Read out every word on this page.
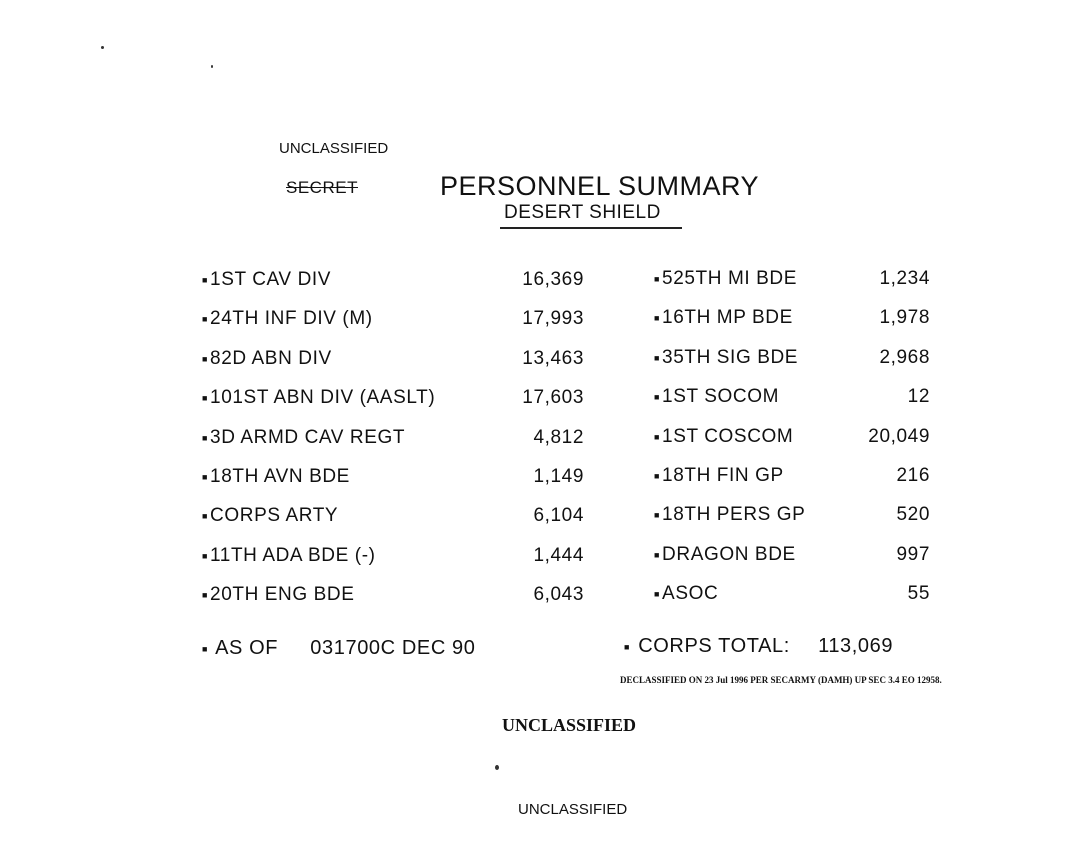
UNCLASSIFIED
SECRET	PERSONNEL SUMMARY
DESERT SHIELD
■ 1ST CAV DIV	16,369
■ 24TH INF DIV (M)	17,993
■ 82D ABN DIV	13,463
■ 101ST ABN DIV (AASLT)	17,603
■ 3D ARMD CAV REGT	4,812
■ 18TH AVN BDE	1,149
■ CORPS ARTY	6,104
■ 11TH ADA BDE (-)	1,444
■ 20TH ENG BDE	6,043
■ 525TH MI BDE	1,234
■ 16TH MP BDE	1,978
■ 35TH SIG BDE	2,968
■ 1ST SOCOM	12
■ 1ST COSCOM	20,049
■ 18TH FIN GP	216
■ 18TH PERS GP	520
■ DRAGON BDE	997
■ ASOC	55
■ AS OF 031700C DEC 90	■ CORPS TOTAL: 113,069
DECLASSIFIED ON 23 Jul 1996 PER SECARMY (DAMH) UP SEC 3.4 EO 12958.
UNCLASSIFIED
UNCLASSIFIED
